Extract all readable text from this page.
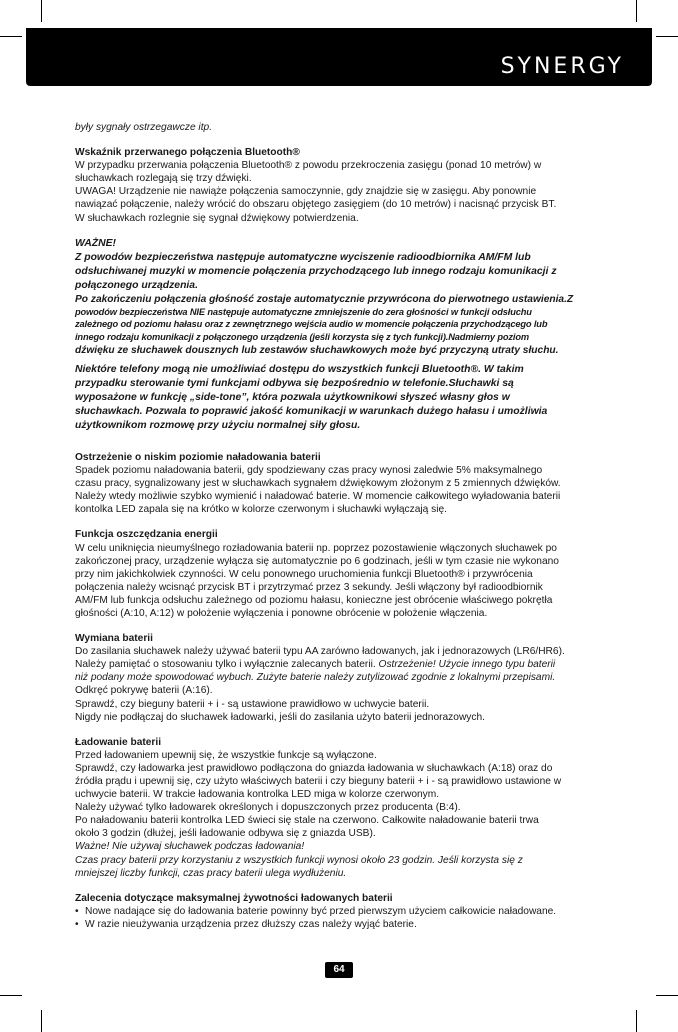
SYNERGY

były sygnały ostrzegawcze itp.

Wskaźnik przerwanego połączenia Bluetooth®

W przypadku przerwania połączenia Bluetooth® z powodu przekroczenia zasięgu (ponad 10 metrów) w

słuchawkach rozlegają się trzy dźwięki.

UWAGA! Urządzenie nie nawiąże połączenia samoczynnie, gdy znajdzie się w zasięgu. Aby ponownie

nawiązać połączenie, należy wrócić do obszaru objętego zasięgiem (do 10 metrów) i nacisnąć przycisk BT.

W słuchawkach rozlegnie się sygnał dźwiękowy potwierdzenia.

WAŻNE!

Z powodów bezpieczeństwa następuje automatyczne wyciszenie radioodbiornika AM/FM lub

odsłuchiwanej muzyki w momencie połączenia przychodzącego lub innego rodzaju komunikacji z

połączonego urządzenia.

Po zakończeniu połączenia głośność zostaje automatycznie przywrócona do pierwotnego ustawienia.Z

powodów bezpieczeństwa NIE następuje automatyczne zmniejszenie do zera głośności w funkcji odsłuchu

zależnego od poziomu hałasu oraz z zewnętrznego wejścia audio w momencie połączenia przychodzącego lub

innego rodzaju komunikacji z połączonego urządzenia (jeśli korzysta się z tych funkcji).Nadmierny poziom

dźwięku ze słuchawek dousznych lub zestawów słuchawkowych może być przyczyną utraty słuchu.

Niektóre telefony mogą nie umożliwiać dostępu do wszystkich funkcji Bluetooth®. W takim

przypadku sterowanie tymi funkcjami odbywa się bezpośrednio w telefonie.Słuchawki są

wyposażone w funkcję „side-tone”, która pozwala użytkownikowi słyszeć własny głos w

słuchawkach. Pozwala to poprawić jakość komunikacji w warunkach dużego hałasu i umożliwia

użytkownikom rozmowę przy użyciu normalnej siły głosu.

Ostrzeżenie o niskim poziomie naładowania baterii

Spadek poziomu naładowania baterii, gdy spodziewany czas pracy wynosi zaledwie 5% maksymalnego

czasu pracy, sygnalizowany jest w słuchawkach sygnałem dźwiękowym złożonym z 5 zmiennych dźwięków.

Należy wtedy możliwie szybko wymienić i naładować baterie. W momencie całkowitego wyładowania baterii

kontolka LED zapala się na krótko w kolorze czerwonym i słuchawki wyłączają się.

Funkcja oszczędzania energii

W celu uniknięcia nieumyślnego rozładowania baterii np. poprzez pozostawienie włączonych słuchawek po

zakończonej pracy, urządzenie wyłącza się automatycznie po 6 godzinach, jeśli w tym czasie nie wykonano

przy nim jakichkolwiek czynności. W celu ponownego uruchomienia funkcji Bluetooth® i przywrócenia

połączenia należy wcisnąć przycisk BT i przytrzymać przez 3 sekundy. Jeśli włączony był radioodbiornik

AM/FM lub funkcja odsłuchu zależnego od poziomu hałasu, konieczne jest obrócenie właściwego pokrętła

głośności (A:10, A:12) w położenie wyłączenia i ponowne obrócenie w położenie włączenia.

Wymiana baterii

Do zasilania słuchawek należy używać baterii typu AA zarówno ładowanych, jak i jednorazowych (LR6/HR6).

Należy pamiętać o stosowaniu tylko i wyłącznie zalecanych baterii. Ostrzeżenie! Użycie innego typu baterii

niż podany może spowodować wybuch. Zużyte baterie należy zutylizować zgodnie z lokalnymi przepisami.

Odkręć pokrywę baterii (A:16).

Sprawdź, czy bieguny baterii + i - są ustawione prawidłowo w uchwycie baterii.

Nigdy nie podłączaj do słuchawek ładowarki, jeśli do zasilania użyto baterii jednorazowych.

Ładowanie baterii

Przed ładowaniem upewnij się, że wszystkie funkcje są wyłączone.

Sprawdź, czy ładowarka jest prawidłowo podłączona do gniazda ładowania w słuchawkach (A:18) oraz do

źródła prądu i upewnij się, czy użyto właściwych baterii i czy bieguny baterii + i - są prawidłowo ustawione w

uchwycie baterii. W trakcie ładowania kontrolka LED miga w kolorze czerwonym.

Należy używać tylko ładowarek określonych i dopuszczonych przez producenta (B:4).

Po naładowaniu baterii kontrolka LED świeci się stale na czerwono. Całkowite naładowanie baterii trwa

około 3 godzin (dłużej, jeśli ładowanie odbywa się z gniazda USB).

Ważne! Nie używaj słuchawek podczas ładowania!

Czas pracy baterii przy korzystaniu z wszystkich funkcji wynosi około 23 godzin. Jeśli korzysta się z

mniejszej liczby funkcji, czas pracy baterii ulega wydłużeniu.

Zalecenia dotyczące maksymalnej żywotności ładowanych baterii

• Nowe nadające się do ładowania baterie powinny być przed pierwszym użyciem całkowicie naładowane.
• W razie nieużywania urządzenia przez dłuższy czas należy wyjąć baterie.
64
